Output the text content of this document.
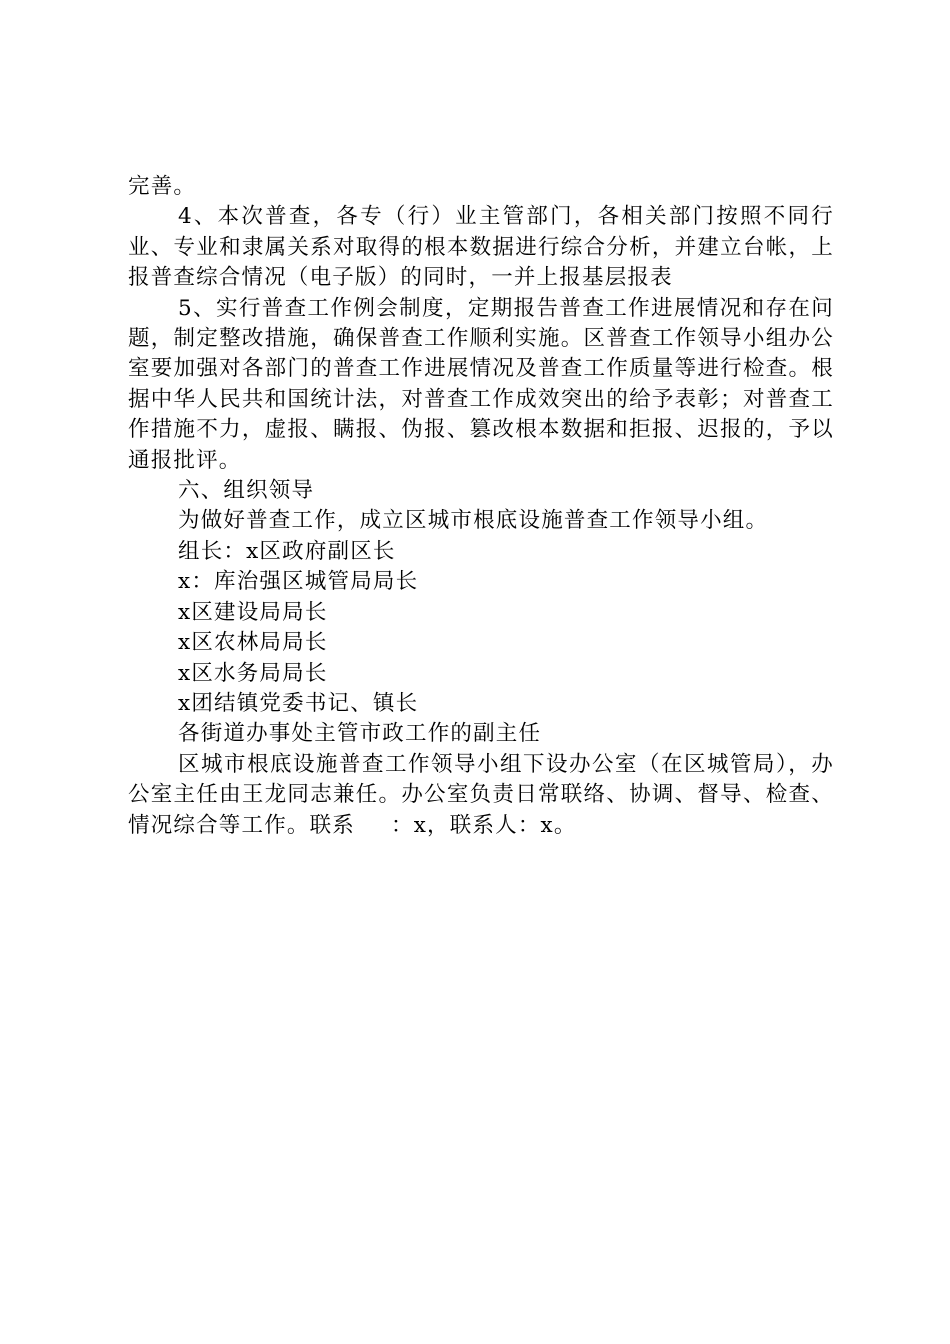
完善。

4、本次普查，各专（行）业主管部门，各相关部门按照不同行业、专业和隶属关系对取得的根本数据进行综合分析，并建立台帐，上报普查综合情况（电子版）的同时，一并上报基层报表

5、实行普查工作例会制度，定期报告普查工作进展情况和存在问题，制定整改措施，确保普查工作顺利实施。区普查工作领导小组办公室要加强对各部门的普查工作进展情况及普查工作质量等进行检查。根据中华人民共和国统计法，对普查工作成效突出的给予表彰；对普查工作措施不力，虚报、瞒报、伪报、篡改根本数据和拒报、迟报的，予以通报批评。

六、组织领导

为做好普查工作，成立区城市根底设施普查工作领导小组。

组长：x区政府副区长

x：库治强区城管局局长

x区建设局局长

x区农林局局长

x区水务局局长

x团结镇党委书记、镇长

各街道办事处主管市政工作的副主任

区城市根底设施普查工作领导小组下设办公室（在区城管局），办公室主任由王龙同志兼任。办公室负责日常联络、协调、督导、检查、情况综合等工作。联系 ：x，联系人：x。
